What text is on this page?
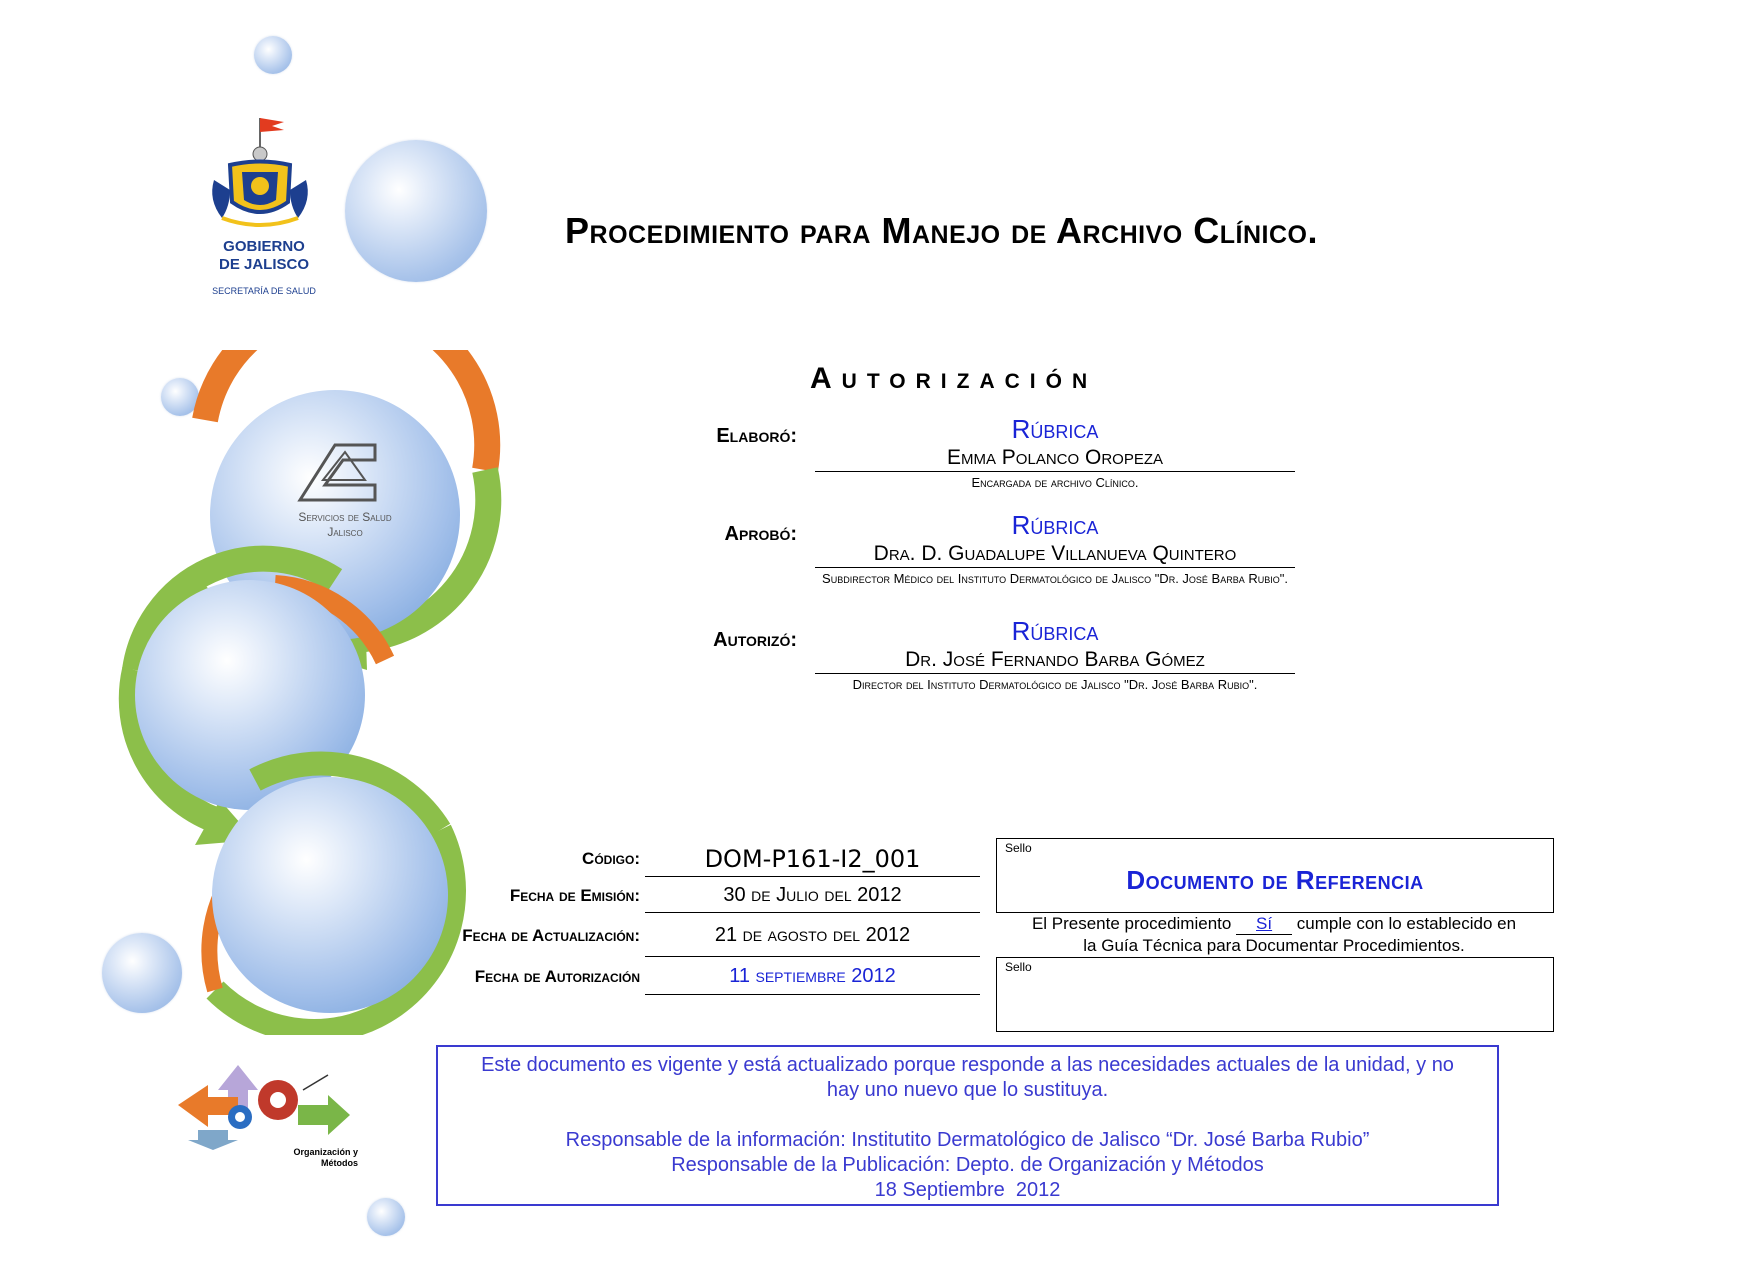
GOBIERNO
DE JALISCO
SECRETARÍA DE SALUD
Servicios de Salud
Jalisco
Organización y
Métodos
Procedimiento para Manejo de Archivo Clínico.
Autorización
Elaboró:	Rúbrica
Emma Polanco Oropeza
Encargada de archivo Clínico.
Aprobó:	Rúbrica
Dra. D. Guadalupe Villanueva Quintero
Subdirector Médico del Instituto Dermatológico de Jalisco "Dr. José Barba Rubio".
Autorizó:	Rúbrica
Dr. José Fernando Barba Gómez
Director del Instituto Dermatológico de Jalisco "Dr. José Barba Rubio".
Código:	DOM-P161-I2_001
Fecha de Emisión:	30 de Julio del 2012
Fecha de Actualización:	21 de agosto del 2012
Fecha de Autorización	11 septiembre 2012
Sello
Documento de Referencia
El Presente procedimiento Sí cumple con lo establecido en
la Guía Técnica para Documentar Procedimientos.
Sello
Este documento es vigente y está actualizado porque responde a las necesidades actuales de la unidad, y no
hay uno nuevo que lo sustituya.
Responsable de la información: Institutito Dermatológico de Jalisco “Dr. José Barba Rubio”
Responsable de la Publicación: Depto. de Organización y Métodos
18 Septiembre  2012
